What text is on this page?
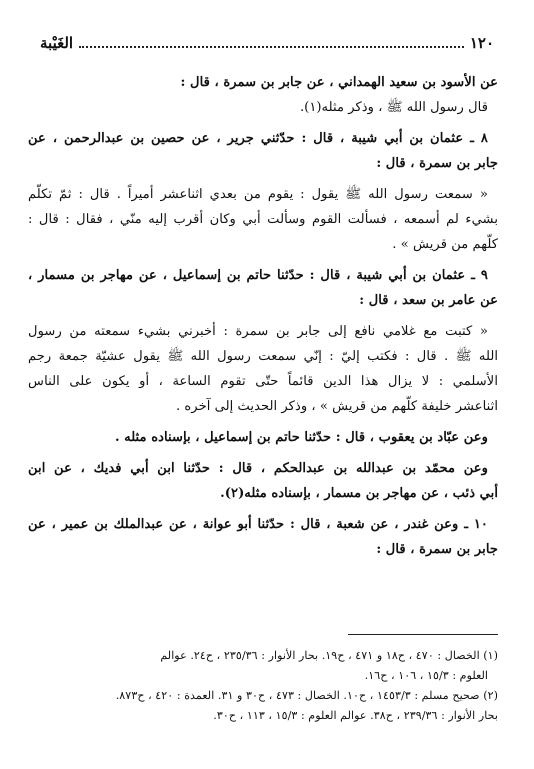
١٢٠
الغَيْبة
عن الأسود بن سعيد الهمداني ، عن جابر بن سمرة ، قال :
قال رسول الله ﷺ ، وذكر مثله(١).
٨ ـ عثمان بن أبي شيبة ، قال : حدّثني جرير ، عن حصين بن عبدالرحمن ، عن
جابر بن سمرة ، قال :
« سمعت رسول الله ﷺ يقول : يقوم من بعدي اثناعشر أميراً . قال : ثمّ تكلّم
بشيء لم أسمعه ، فسألت القوم وسألت أبي وكان أقرب إليه منّي ، فقال : قال :
كلّهم من قريش » .
٩ ـ عثمان بن أبي شيبة ، قال : حدّثنا حاتم بن إسماعيل ، عن مهاجر بن مسمار ،
عن عامر بن سعد ، قال :
« كتبت مع غلامي نافع إلى جابر بن سمرة : أخبرني بشيء سمعته من رسول
الله ﷺ . قال : فكتب إليّ : إنّي سمعت رسول الله ﷺ يقول عشيّة جمعة رجم
الأسلمي : لا يزال هذا الدين قائماً حتّى تقوم الساعة ، أو يكون على الناس
اثناعشر خليفة كلّهم من قريش » ، وذكر الحديث إلى آخره .
وعن عبّاد بن يعقوب ، قال : حدّثنا حاتم بن إسماعيل ، بإسناده مثله .
وعن محمّد بن عبدالله بن عبدالحكم ، قال : حدّثنا ابن أبي فديك ، عن ابن
أبي ذئب ، عن مهاجر بن مسمار ، بإسناده مثله(٢).
١٠ ـ وعن غندر ، عن شعبة ، قال : حدّثنا أبو عوانة ، عن عبدالملك بن عمير ، عن
جابر بن سمرة ، قال :
(١) الخصال : ٤٧٠ ، ح١٨ و ٤٧١ ، ح١٩. بحار الأنوار : ٢٣٥/٣٦ ، ح٢٤. عوالم
العلوم : ١٥/٣ ، ١٠٦ ، ح١٦.
(٢) صحيح مسلم : ١٤٥٣/٣ ، ح١٠. الخصال : ٤٧٣ ، ح٣٠ و ٣١. العمدة : ٤٢٠ ، ح٨٧٣.
بحار الأنوار : ٢٣٩/٣٦ ، ح٣٨. عوالم العلوم : ١٥/٣ ، ١١٣ ، ح٣٠.
